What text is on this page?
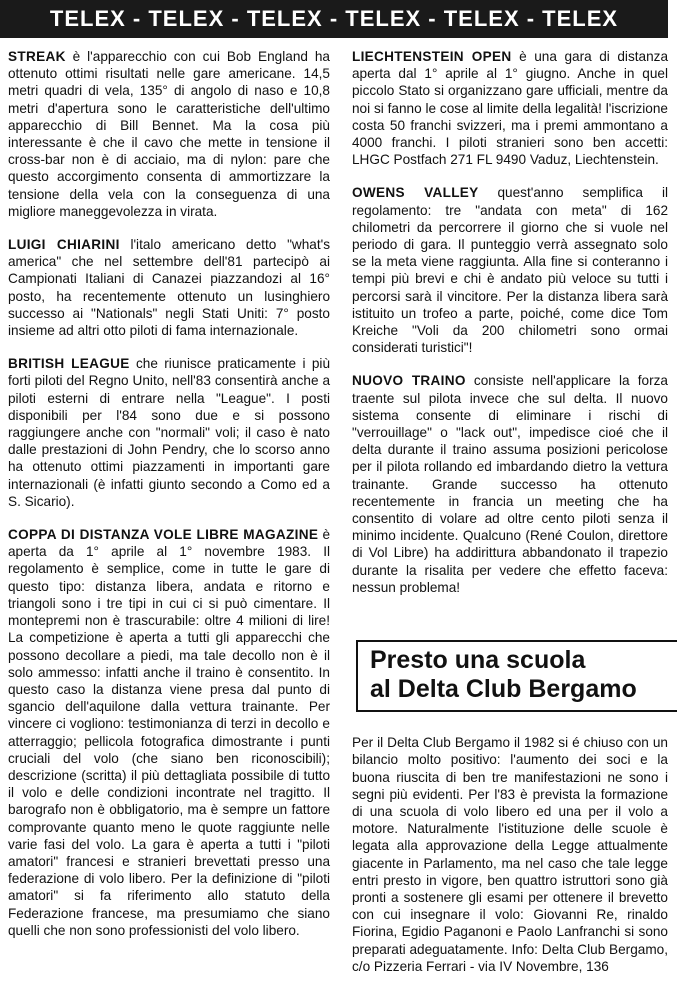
TELEX - TELEX - TELEX - TELEX - TELEX - TELEX

STREAK è l'apparecchio con cui Bob England ha ottenuto ottimi risultati nelle gare americane. 14,5 metri quadri di vela, 135° di angolo di naso e 10,8 metri d'apertura sono le caratteristiche dell'ultimo apparecchio di Bill Bennet. Ma la cosa più interessante è che il cavo che mette in tensione il cross-bar non è di acciaio, ma di nylon: pare che questo accorgimento consenta di ammortizzare la tensione della vela con la conseguenza di una migliore maneggevolezza in virata.

LUIGI CHIARINI l'italo americano detto "what's america" che nel settembre dell'81 partecipò ai Campionati Italiani di Canazei piazzandozi al 16° posto, ha recentemente ottenuto un lusinghiero successo ai "Nationals" negli Stati Uniti: 7° posto insieme ad altri otto piloti di fama internazionale.

BRITISH LEAGUE che riunisce praticamente i più forti piloti del Regno Unito, nell'83 consentirà anche a piloti esterni di entrare nella "League". I posti disponibili per l'84 sono due e si possono raggiungere anche con "normali" voli; il caso è nato dalle prestazioni di John Pendry, che lo scorso anno ha ottenuto ottimi piazzamenti in importanti gare internazionali (è infatti giunto secondo a Como ed a S. Sicario).

COPPA DI DISTANZA VOLE LIBRE MAGAZINE è aperta da 1° aprile al 1° novembre 1983. Il regolamento è semplice, come in tutte le gare di questo tipo: distanza libera, andata e ritorno e triangoli sono i tre tipi in cui ci si può cimentare. Il montepremi non è trascurabile: oltre 4 milioni di lire! La competizione è aperta a tutti gli apparecchi che possono decollare a piedi, ma tale decollo non è il solo ammesso: infatti anche il traino è consentito. In questo caso la distanza viene presa dal punto di sgancio dell'aquilone dalla vettura trainante. Per vincere ci vogliono: testimonianza di terzi in decollo e atterraggio; pellicola fotografica dimostrante i punti cruciali del volo (che siano ben riconoscibili); descrizione (scritta) il più dettagliata possibile di tutto il volo e delle condizioni incontrate nel tragitto. Il barografo non è obbligatorio, ma è sempre un fattore comprovante quanto meno le quote raggiunte nelle varie fasi del volo. La gara è aperta a tutti i "piloti amatori" francesi e stranieri brevettati presso una federazione di volo libero. Per la definizione di "piloti amatori" si fa riferimento allo statuto della Federazione francese, ma presumiamo che siano quelli che non sono professionisti del volo libero.

LIECHTENSTEIN OPEN è una gara di distanza aperta dal 1° aprile al 1° giugno. Anche in quel piccolo Stato si organizzano gare ufficiali, mentre da noi si fanno le cose al limite della legalità! l'iscrizione costa 50 franchi svizzeri, ma i premi ammontano a 4000 franchi. I piloti stranieri sono ben accetti: LHGC Postfach 271 FL 9490 Vaduz, Liechtenstein.

OWENS VALLEY quest'anno semplifica il regolamento: tre "andata con meta" di 162 chilometri da percorrere il giorno che si vuole nel periodo di gara. Il punteggio verrà assegnato solo se la meta viene raggiunta. Alla fine si conteranno i tempi più brevi e chi è andato più veloce su tutti i percorsi sarà il vincitore. Per la distanza libera sarà istituito un trofeo a parte, poiché, come dice Tom Kreiche "Voli da 200 chilometri sono ormai considerati turistici"!

NUOVO TRAINO consiste nell'applicare la forza traente sul pilota invece che sul delta. Il nuovo sistema consente di eliminare i rischi di "verrouillage" o "lack out", impedisce cioé che il delta durante il traino assuma posizioni pericolose per il pilota rollando ed imbardando dietro la vettura trainante. Grande successo ha ottenuto recentemente in francia un meeting che ha consentito di volare ad oltre cento piloti senza il minimo incidente. Qualcuno (René Coulon, direttore di Vol Libre) ha addirittura abbandonato il trapezio durante la risalita per vedere che effetto faceva: nessun problema!

Presto una scuola

al Delta Club Bergamo

Per il Delta Club Bergamo il 1982 si é chiuso con un bilancio molto positivo: l'aumento dei soci e la buona riuscita di ben tre manifestazioni ne sono i segni più evidenti. Per l'83 è prevista la formazione di una scuola di volo libero ed una per il volo a motore. Naturalmente l'istituzione delle scuole è legata alla approvazione della Legge attualmente giacente in Parlamento, ma nel caso che tale legge entri presto in vigore, ben quattro istruttori sono già pronti a sostenere gli esami per ottenere il brevetto con cui insegnare il volo: Giovanni Re, rinaldo Fiorina, Egidio Paganoni e Paolo Lanfranchi si sono preparati adeguatamente. Info: Delta Club Bergamo, c/o Pizzeria Ferrari - via IV Novembre, 136
